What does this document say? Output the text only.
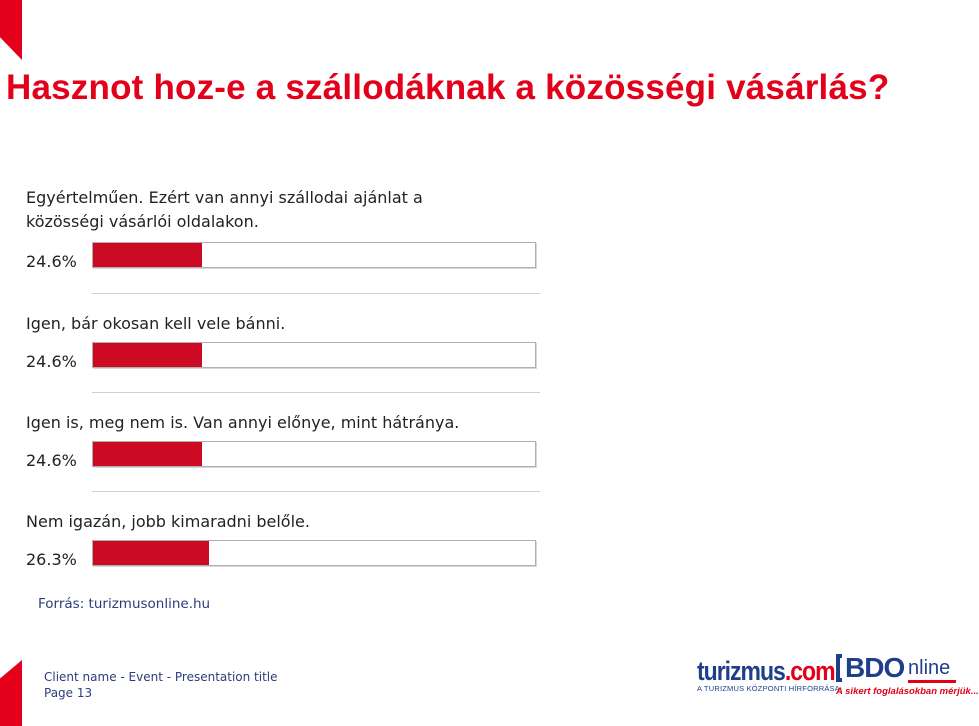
Hasznot hoz-e a szállodáknak a közösségi vásárlás?
Egyértelműen. Ezért van annyi szállodai ajánlat a
közösségi vásárlói oldalakon.
24.6%
Igen, bár okosan kell vele bánni.
24.6%
Igen is, meg nem is. Van annyi előnye, mint hátránya.
24.6%
Nem igazán, jobb kimaradni belőle.
26.3%
Forrás: turizmusonline.hu
Client name - Event - Presentation title
Page 13
turizmus.com
A TURIZMUS KÖZPONTI HÍRFORRÁSA
BDO nline
A sikert foglalásokban mérjük...
